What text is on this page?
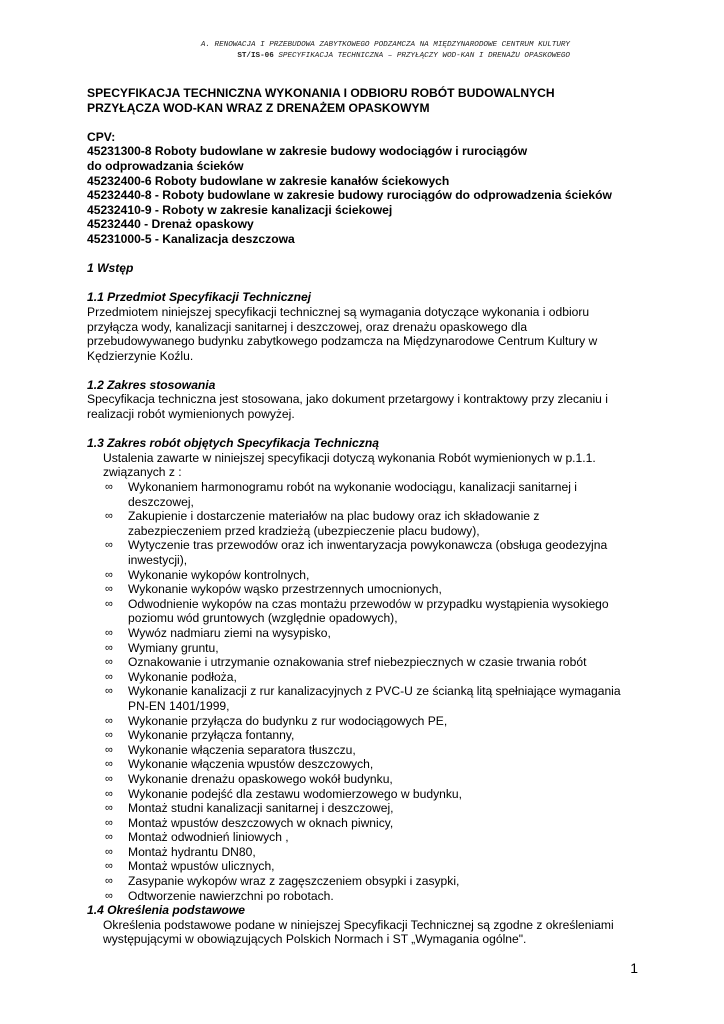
A. RENOWACJA I PRZEBUDOWA ZABYTKOWEGO PODZAMCZA NA MIĘDZYNARODOWE CENTRUM KULTURY
ST/IS-06 SPECYFIKACJA TECHNICZNA – PRZYŁĄCZY WOD-KAN I DRENAŻU OPASKOWEGO
SPECYFIKACJA TECHNICZNA WYKONANIA I ODBIORU ROBÓT BUDOWALNYCH
PRZYŁĄCZA WOD-KAN WRAZ Z DRENAŻEM OPASKOWYM
CPV:
45231300-8 Roboty budowlane w zakresie budowy wodociągów i rurociągów
do odprowadzania ścieków
45232400-6 Roboty budowlane w zakresie kanałów ściekowych
45232440-8 - Roboty budowlane w zakresie budowy rurociągów do odprowadzenia ścieków
45232410-9 - Roboty w zakresie kanalizacji ściekowej
45232440 - Drenaż opaskowy
45231000-5 - Kanalizacja deszczowa
1 Wstęp
1.1 Przedmiot Specyfikacji Technicznej
Przedmiotem niniejszej specyfikacji technicznej są wymagania dotyczące wykonania i odbioru
przyłącza wody, kanalizacji sanitarnej i deszczowej, oraz drenażu opaskowego dla
przebudowywanego budynku zabytkowego podzamcza na Międzynarodowe Centrum Kultury w
Kędzierzynie Koźlu.
1.2 Zakres stosowania
Specyfikacja techniczna jest stosowana, jako dokument przetargowy i kontraktowy przy zlecaniu i
realizacji robót wymienionych powyżej.
1.3 Zakres robót objętych Specyfikacja Techniczną
Ustalenia zawarte w niniejszej specyfikacji dotyczą wykonania Robót wymienionych w p.1.1.
związanych z :
∞ Wykonaniem harmonogramu robót na wykonanie wodociągu, kanalizacji sanitarnej i
deszczowej,
∞ Zakupienie i dostarczenie materiałów na plac budowy oraz ich składowanie z
zabezpieczeniem przed kradzieżą (ubezpieczenie placu budowy),
∞ Wytyczenie tras przewodów oraz ich inwentaryzacja powykonawcza (obsługa geodezyjna
inwestycji),
∞ Wykonanie wykopów kontrolnych,
∞ Wykonanie wykopów wąsko przestrzennych umocnionych,
∞ Odwodnienie wykopów na czas montażu przewodów w przypadku wystąpienia wysokiego
poziomu wód gruntowych (względnie opadowych),
∞ Wywóz nadmiaru ziemi na wysypisko,
∞ Wymiany gruntu,
∞ Oznakowanie i utrzymanie oznakowania stref niebezpiecznych w czasie trwania robót
∞ Wykonanie podłoża,
∞ Wykonanie kanalizacji z rur kanalizacyjnych z PVC-U ze ścianką litą spełniające wymagania
PN-EN 1401/1999,
∞ Wykonanie przyłącza do budynku z rur wodociągowych PE,
∞ Wykonanie przyłącza fontanny,
∞ Wykonanie włączenia separatora tłuszczu,
∞ Wykonanie włączenia wpustów deszczowych,
∞ Wykonanie drenażu opaskowego wokół budynku,
∞ Wykonanie podejść dla zestawu wodomierzowego w budynku,
∞ Montaż studni kanalizacji sanitarnej i deszczowej,
∞ Montaż wpustów deszczowych w oknach piwnicy,
∞ Montaż odwodnień liniowych ,
∞ Montaż hydrantu DN80,
∞ Montaż wpustów ulicznych,
∞ Zasypanie wykopów wraz z zagęszczeniem obsypki i zasypki,
∞ Odtworzenie nawierzchni po robotach.
1.4 Określenia podstawowe
Określenia podstawowe podane w niniejszej Specyfikacji Technicznej są zgodne z określeniami
występującymi w obowiązujących Polskich Normach i ST „Wymagania ogólne".
1
